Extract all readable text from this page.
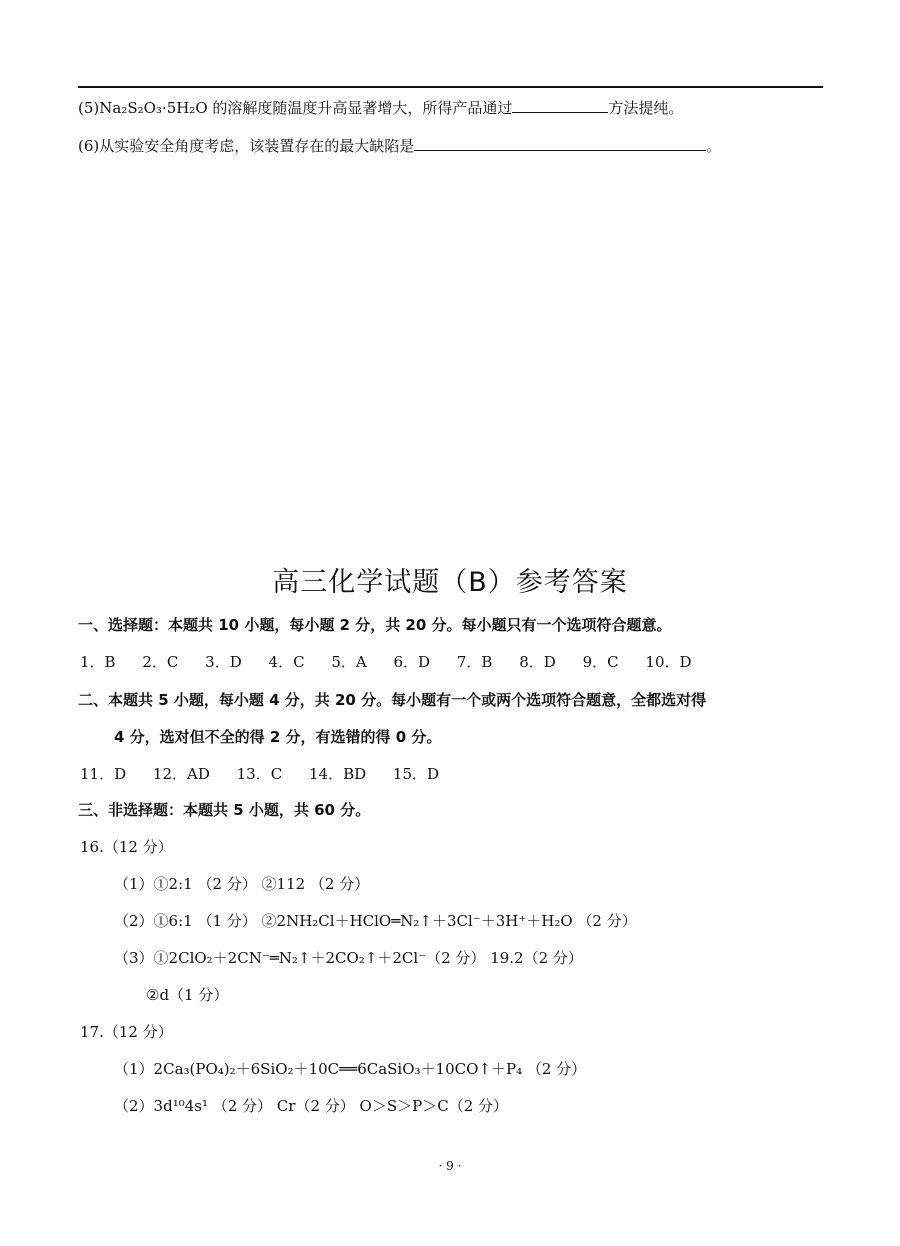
(5)Na₂S₂O₃·5H₂O 的溶解度随温度升高显著增大，所得产品通过	方法提纯。
(6)从实验安全角度考虑，该装置存在的最大缺陷是	。
高三化学试题（B）参考答案
一、选择题：本题共 10 小题，每小题 2 分，共 20 分。每小题只有一个选项符合题意。
1．B 2．C 3．D 4．C 5．A 6．D 7．B 8．D 9．C 10．D
二、本题共 5 小题，每小题 4 分，共 20 分。每小题有一个或两个选项符合题意，全都选对得
4 分，选对但不全的得 2 分，有选错的得 0 分。
11．D 12．AD 13．C 14．BD 15．D
三、非选择题：本题共 5 小题，共 60 分。
16.（12 分）
（1）①2:1 （2 分） ②112 （2 分）
（2）①6:1 （1 分） ②2NH₂Cl＋HClO═N₂↑＋3Cl⁻＋3H⁺＋H₂O （2 分）
（3）①2ClO₂＋2CN⁻═N₂↑＋2CO₂↑＋2Cl⁻（2 分） 19.2（2 分）
②d（1 分）
17.（12 分）
（1）2Ca₃(PO₄)₂＋6SiO₂＋10C══6CaSiO₃＋10CO↑＋P₄ （2 分）
（2）3d¹⁰4s¹ （2 分） Cr（2 分） O＞S＞P＞C（2 分）
· 9 ·
